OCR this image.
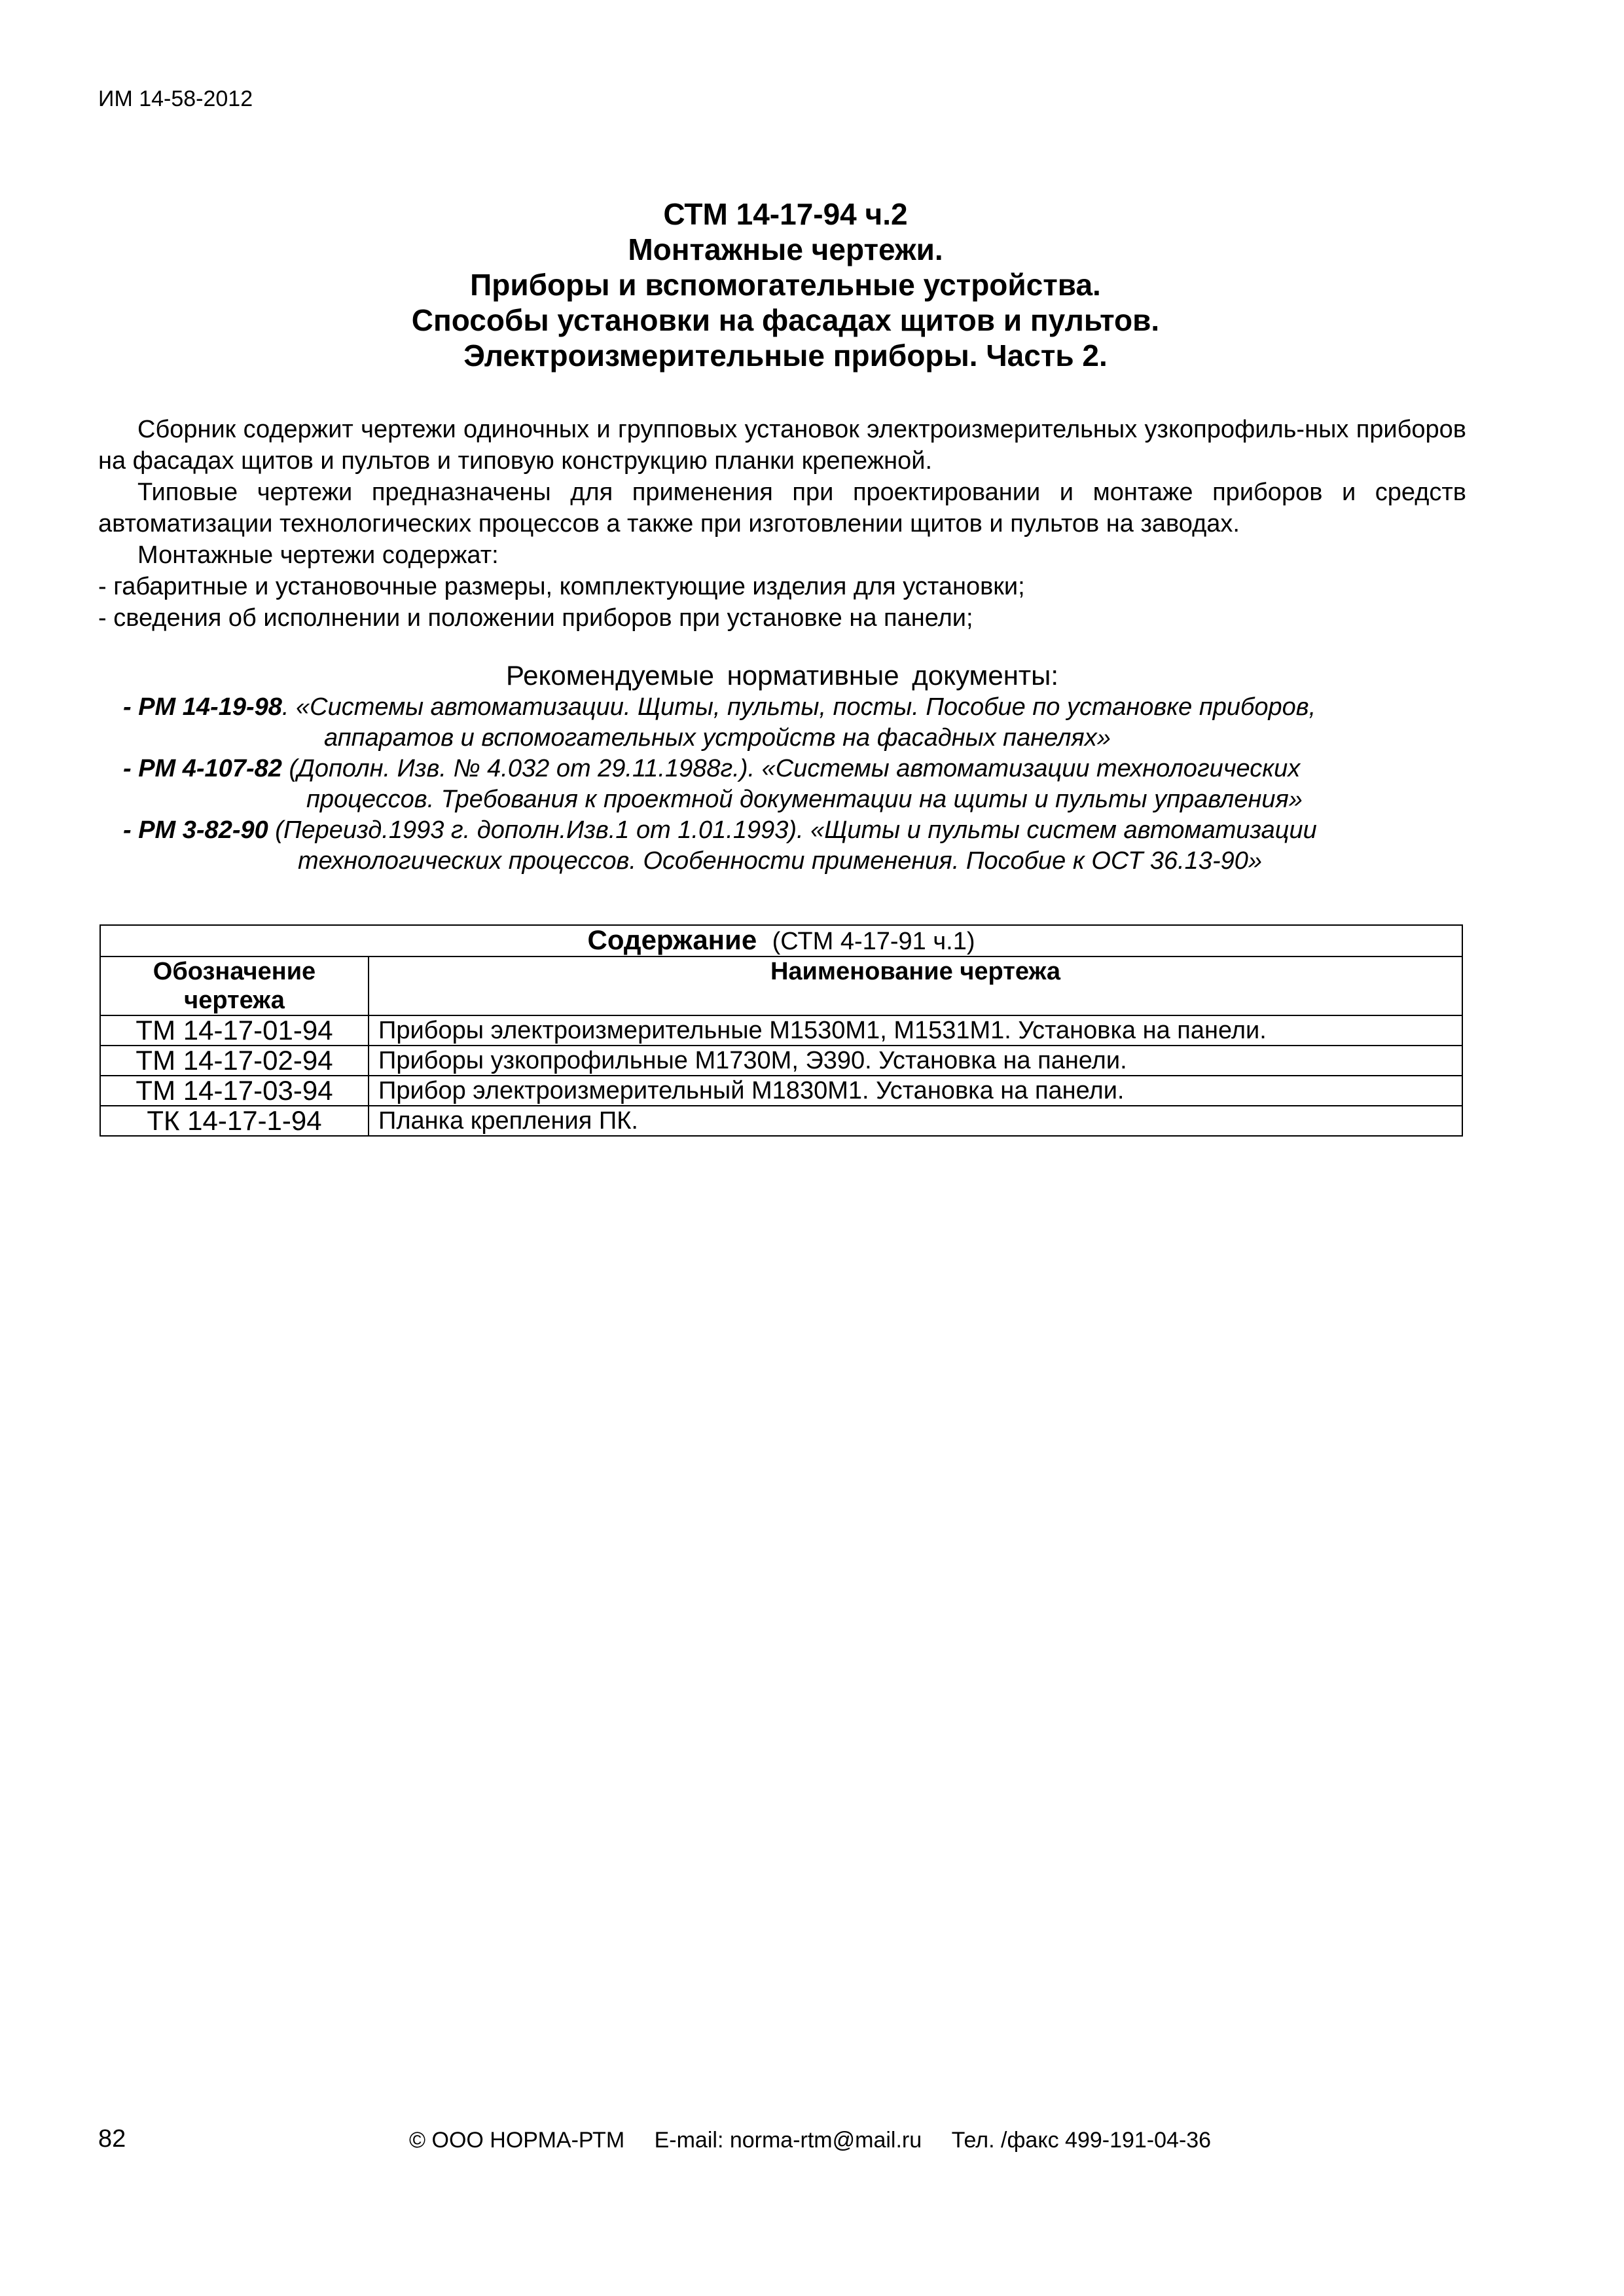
ИМ 14-58-2012
СТМ 14-17-94 ч.2
Монтажные чертежи.
Приборы и вспомогательные устройства.
Способы установки на фасадах щитов и пультов.
Электроизмерительные приборы. Часть 2.

Сборник содержит чертежи одиночных и групповых установок электроизмерительных узкопрофиль-ных приборов на фасадах щитов и пультов и типовую конструкцию планки крепежной.

Типовые чертежи предназначены для применения при проектировании и монтаже приборов и средств автоматизации технологических процессов а также при изготовлении щитов и пультов на заводах.

Монтажные чертежи содержат:

- габаритные и установочные размеры, комплектующие изделия для установки;

- сведения об исполнении и положении приборов при установке на панели;

Рекомендуемые нормативные документы:
- РМ 14-19-98. «Системы автоматизации. Щиты, пульты, посты. Пособие по установке приборов,
аппаратов и вспомогательных устройств на фасадных панелях»
- РМ 4-107-82 (Дополн. Изв. № 4.032 от 29.11.1988г.). «Системы автоматизации технологических
процессов. Требования к проектной документации на щиты и пульты управления»
- РМ 3-82-90 (Переизд.1993 г. дополн.Изв.1 от 1.01.1993). «Щиты и пульты систем автоматизации
технологических процессов. Особенности применения. Пособие к ОСТ 36.13-90»
Содержание (СТМ 4-17-91 ч.1)	
Обозначение чертежа	Наименование чертежа
ТМ 14-17-01-94	Приборы электроизмерительные М1530М1, М1531М1. Установка на панели.
ТМ 14-17-02-94	Приборы узкопрофильные М1730М, Э390. Установка на панели.
ТМ 14-17-03-94	Прибор электроизмерительный М1830М1. Установка на панели.
ТК 14-17-1-94	Планка крепления ПК.
82	© ООО НОРМА-РТМ E-mail: norma-rtm@mail.ru Тел. /факс 499-191-04-36
